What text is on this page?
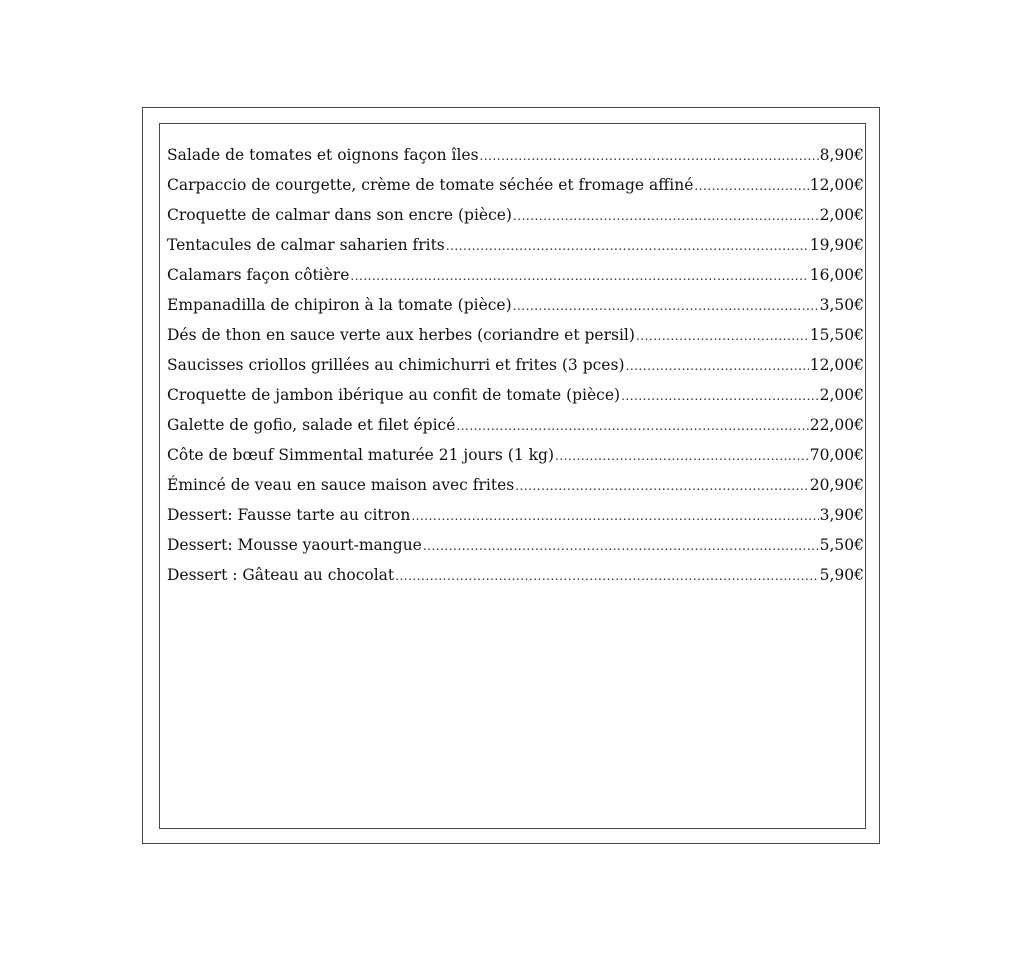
Salade de tomates et oignons façon îles .....	8,90€
Carpaccio de courgette, crème de tomate séchée et fromage affiné .....	12,00€
Croquette de calmar dans son encre (pièce) .....	2,00€
Tentacules de calmar saharien frits .....	19,90€
Calamars façon côtière .....	16,00€
Empanadilla de chipiron à la tomate (pièce) .....	3,50€
Dés de thon en sauce verte aux herbes (coriandre et persil) .....	15,50€
Saucisses criollos grillées au chimichurri et frites (3 pces) .....	12,00€
Croquette de jambon ibérique au confit de tomate (pièce) .....	2,00€
Galette de gofio, salade et filet épicé .....	22,00€
Côte de bœuf Simmental maturée 21 jours (1 kg) .....	70,00€
Émincé de veau en sauce maison avec frites .....	20,90€
Dessert: Fausse tarte au citron .....	3,90€
Dessert: Mousse yaourt-mangue .....	5,50€
Dessert : Gâteau au chocolat .....	5,90€
